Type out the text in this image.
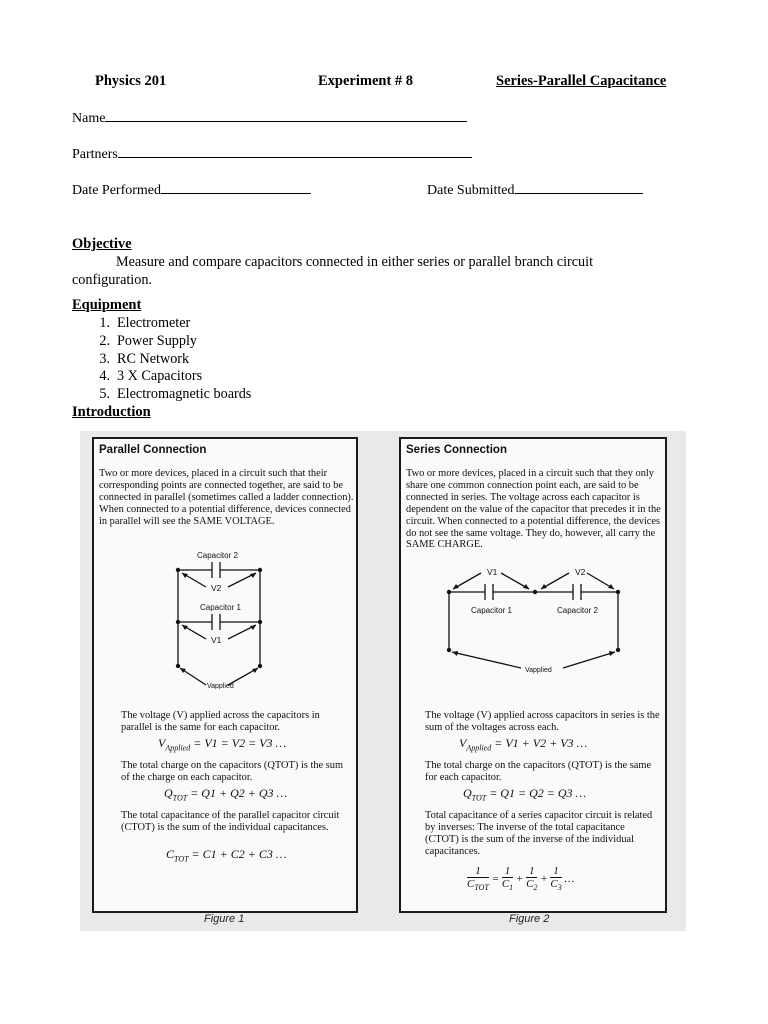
Physics 201	Experiment # 8	Series-Parallel Capacitance
Name
Partners
Date Performed	Date Submitted
Objective
Measure and compare capacitors connected in either series or parallel branch circuit configuration.
Equipment
1. Electrometer
2. Power Supply
3. RC Network
4. 3 X Capacitors
5. Electromagnetic boards
Introduction
Parallel Connection
Two or more devices, placed in a circuit such that their corresponding points are connected together, are said to be connected in parallel (sometimes called a ladder connection). When connected to a potential difference, devices connected in parallel will see the SAME VOLTAGE.
Capacitor 2
Capacitor 1
V2
V1
Vapplied
The voltage (V) applied across the capacitors in parallel is the same for each capacitor.
$V_{Applied} = V1 = V2 = V3$ …
The total charge on the capacitors (QTOT) is the sum of the charge on each capacitor.
$Q_{TOT} = Q1 + Q2 + Q3$ …
The total capacitance of the parallel capacitor circuit (CTOT) is the sum of the individual capacitances.
$C_{TOT} = C1 + C2 + C3$ …
Figure 1
Series Connection
Two or more devices, placed in a circuit such that they only share one common connection point each, are said to be connected in series. The voltage across each capacitor is dependent on the value of the capacitor that precedes it in the circuit. When connected to a potential difference, the devices do not see the same voltage. They do, however, all carry the SAME CHARGE.
V1	V2
Capacitor 1	Capacitor 2
Vapplied
The voltage (V) applied across capacitors in series is the sum of the voltages across each.
$V_{Applied} = V1 + V2 + V3$ …
The total charge on the capacitors (QTOT) is the same for each capacitor.
$Q_{TOT} = Q1 = Q2 = Q3$ …
Total capacitance of a series capacitor circuit is related by inverses: The inverse of the total capacitance (CTOT) is the sum of the inverse of the individual capacitances.
$\frac{1}{C_{TOT}} = \frac{1}{C_1} + \frac{1}{C_2} + \frac{1}{C_3}$ …
Figure 2
